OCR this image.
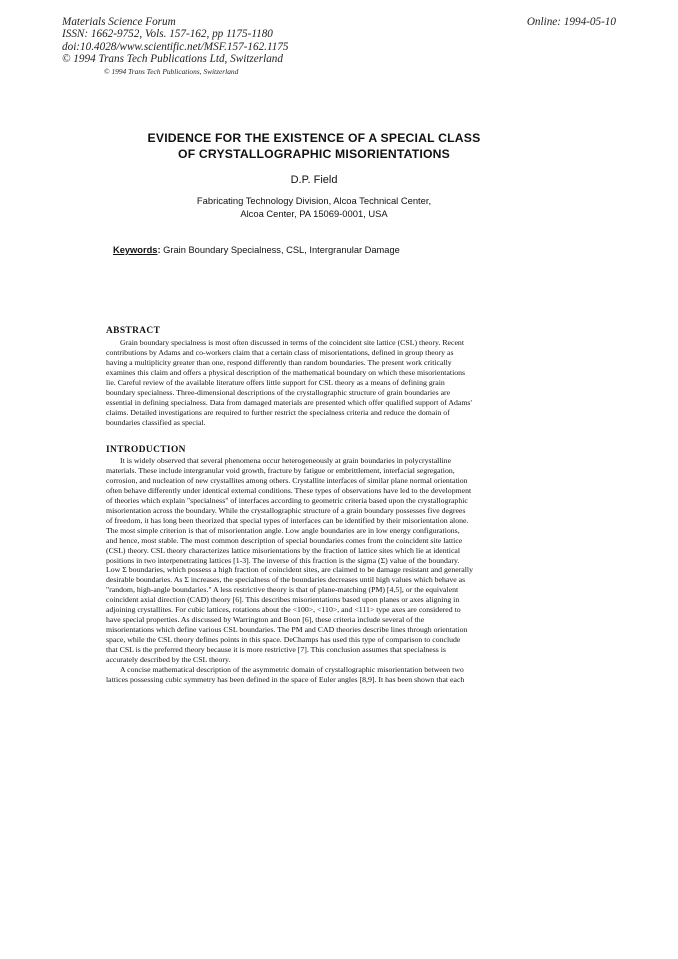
Materials Science Forum
ISSN: 1662-9752, Vols. 157-162, pp 1175-1180
doi:10.4028/www.scientific.net/MSF.157-162.1175
© 1994 Trans Tech Publications Ltd, Switzerland
© 1994 Trans Tech Publications, Switzerland
Online: 1994-05-10
EVIDENCE FOR THE EXISTENCE OF A SPECIAL CLASS
OF CRYSTALLOGRAPHIC MISORIENTATIONS
D.P. Field
Fabricating Technology Division, Alcoa Technical Center,
Alcoa Center, PA 15069-0001, USA
Keywords: Grain Boundary Specialness, CSL, Intergranular Damage
ABSTRACT
Grain boundary specialness is most often discussed in terms of the coincident site lattice (CSL) theory. Recent
contributions by Adams and co-workers claim that a certain class of misorientations, defined in group theory as
having a multiplicity greater than one, respond differently than random boundaries. The present work critically
examines this claim and offers a physical description of the mathematical boundary on which these misorientations
lie. Careful review of the available literature offers little support for CSL theory as a means of defining grain
boundary specialness. Three-dimensional descriptions of the crystallographic structure of grain boundaries are
essential in defining specialness. Data from damaged materials are presented which offer qualified support of Adams'
claims. Detailed investigations are required to further restrict the specialness criteria and reduce the domain of
boundaries classified as special.
INTRODUCTION
It is widely observed that several phenomena occur heterogeneously at grain boundaries in polycrystalline
materials. These include intergranular void growth, fracture by fatigue or embrittlement, interfacial segregation,
corrosion, and nucleation of new crystallites among others. Crystallite interfaces of similar plane normal orientation
often behave differently under identical external conditions. These types of observations have led to the development
of theories which explain "specialness" of interfaces according to geometric criteria based upon the crystallographic
misorientation across the boundary. While the crystallographic structure of a grain boundary possesses five degrees
of freedom, it has long been theorized that special types of interfaces can be identified by their misorientation alone.
The most simple criterion is that of misorientation angle. Low angle boundaries are in low energy configurations,
and hence, most stable. The most common description of special boundaries comes from the coincident site lattice
(CSL) theory. CSL theory characterizes lattice misorientations by the fraction of lattice sites which lie at identical
positions in two interpenetrating lattices [1-3]. The inverse of this fraction is the sigma (Σ) value of the boundary.
Low Σ boundaries, which possess a high fraction of coincident sites, are claimed to be damage resistant and generally
desirable boundaries. As Σ increases, the specialness of the boundaries decreases until high values which behave as
"random, high-angle boundaries." A less restrictive theory is that of plane-matching (PM) [4,5], or the equivalent
coincident axial direction (CAD) theory [6]. This describes misorientations based upon planes or axes aligning in
adjoining crystallites. For cubic lattices, rotations about the <100>, <110>, and <111> type axes are considered to
have special properties. As discussed by Warrington and Boon [6], these criteria include several of the
misorientations which define various CSL boundaries. The PM and CAD theories describe lines through orientation
space, while the CSL theory defines points in this space. DeChamps has used this type of comparison to conclude
that CSL is the preferred theory because it is more restrictive [7]. This conclusion assumes that specialness is
accurately described by the CSL theory.
A concise mathematical description of the asymmetric domain of crystallographic misorientation between two
lattices possessing cubic symmetry has been defined in the space of Euler angles [8,9]. It has been shown that each
